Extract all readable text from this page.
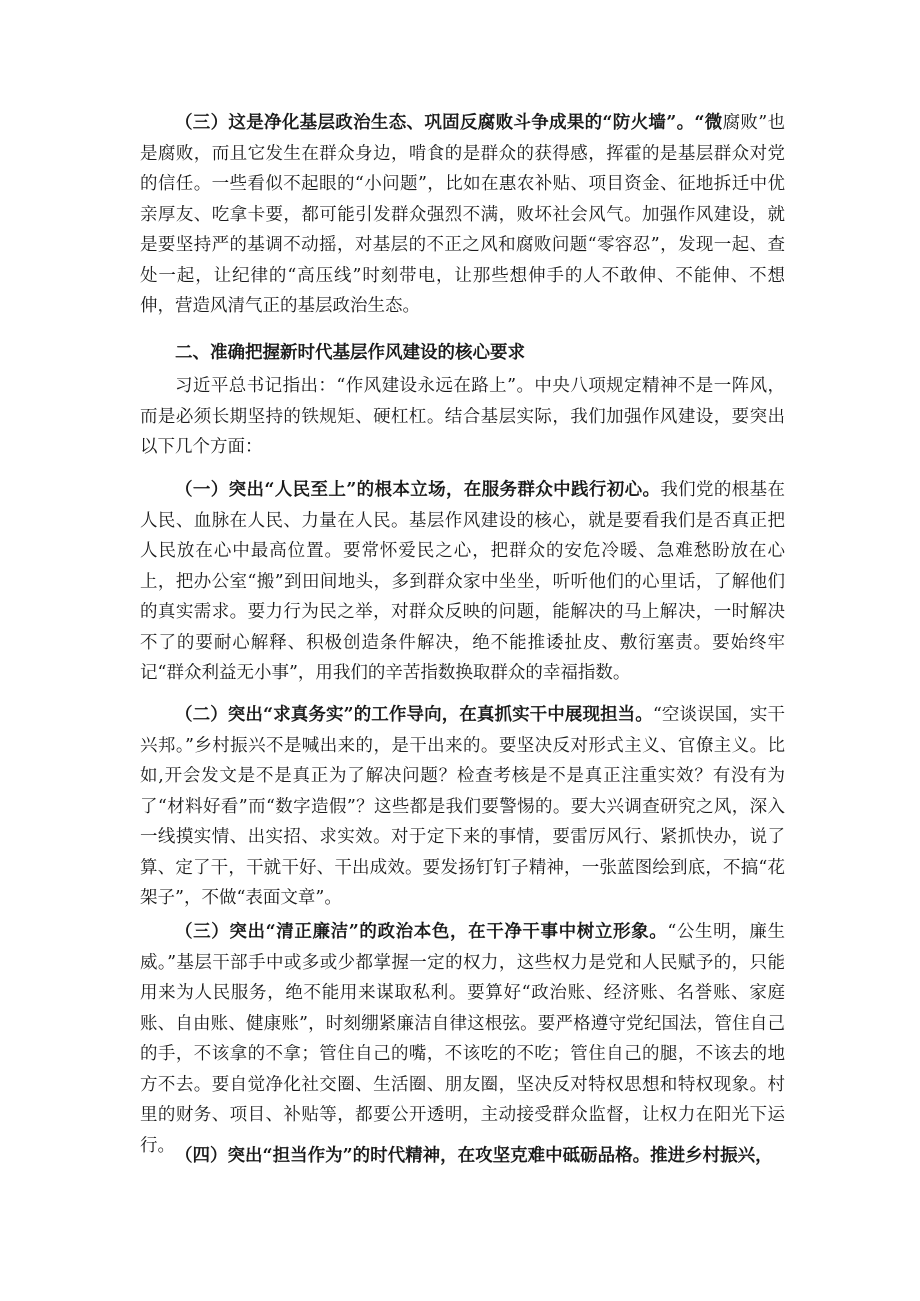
（三）这是净化基层政治生态、巩固反腐败斗争成果的“防火墙”。“微腐败”也是腐败，而且它发生在群众身边，啃食的是群众的获得感，挥霍的是基层群众对党的信任。一些看似不起眼的“小问题”，比如在惠农补贴、项目资金、征地拆迁中优亲厚友、吃拿卡要，都可能引发群众强烈不满，败坏社会风气。加强作风建设，就是要坚持严的基调不动摇，对基层的不正之风和腐败问题“零容忍”，发现一起、查处一起，让纪律的“高压线”时刻带电，让那些想伸手的人不敢伸、不能伸、不想伸，营造风清气正的基层政治生态。

二、准确把握新时代基层作风建设的核心要求

习近平总书记指出：“作风建设永远在路上”。中央八项规定精神不是一阵风，而是必须长期坚持的铁规矩、硬杠杠。结合基层实际，我们加强作风建设，要突出以下几个方面：

（一）突出“人民至上”的根本立场，在服务群众中践行初心。我们党的根基在人民、血脉在人民、力量在人民。基层作风建设的核心，就是要看我们是否真正把人民放在心中最高位置。要常怀爱民之心，把群众的安危冷暖、急难愁盼放在心上，把办公室“搬”到田间地头，多到群众家中坐坐，听听他们的心里话，了解他们的真实需求。要力行为民之举，对群众反映的问题，能解决的马上解决，一时解决不了的要耐心解释、积极创造条件解决，绝不能推诿扯皮、敷衍塞责。要始终牢记“群众利益无小事”，用我们的辛苦指数换取群众的幸福指数。

（二）突出“求真务实”的工作导向，在真抓实干中展现担当。“空谈误国，实干兴邦。”乡村振兴不是喊出来的，是干出来的。要坚决反对形式主义、官僚主义。比如,开会发文是不是真正为了解决问题？检查考核是不是真正注重实效？有没有为了“材料好看”而“数字造假”？这些都是我们要警惕的。要大兴调查研究之风，深入一线摸实情、出实招、求实效。对于定下来的事情，要雷厉风行、紧抓快办，说了算、定了干，干就干好、干出成效。要发扬钉钉子精神，一张蓝图绘到底，不搞“花架子”，不做“表面文章”。

（三）突出“清正廉洁”的政治本色，在干净干事中树立形象。“公生明，廉生威。”基层干部手中或多或少都掌握一定的权力，这些权力是党和人民赋予的，只能用来为人民服务，绝不能用来谋取私利。要算好“政治账、经济账、名誉账、家庭账、自由账、健康账”，时刻绷紧廉洁自律这根弦。要严格遵守党纪国法，管住自己的手，不该拿的不拿；管住自己的嘴，不该吃的不吃；管住自己的腿，不该去的地方不去。要自觉净化社交圈、生活圈、朋友圈，坚决反对特权思想和特权现象。村里的财务、项目、补贴等，都要公开透明，主动接受群众监督，让权力在阳光下运行。

（四）突出“担当作为”的时代精神，在攻坚克难中砥砺品格。推进乡村振兴，
